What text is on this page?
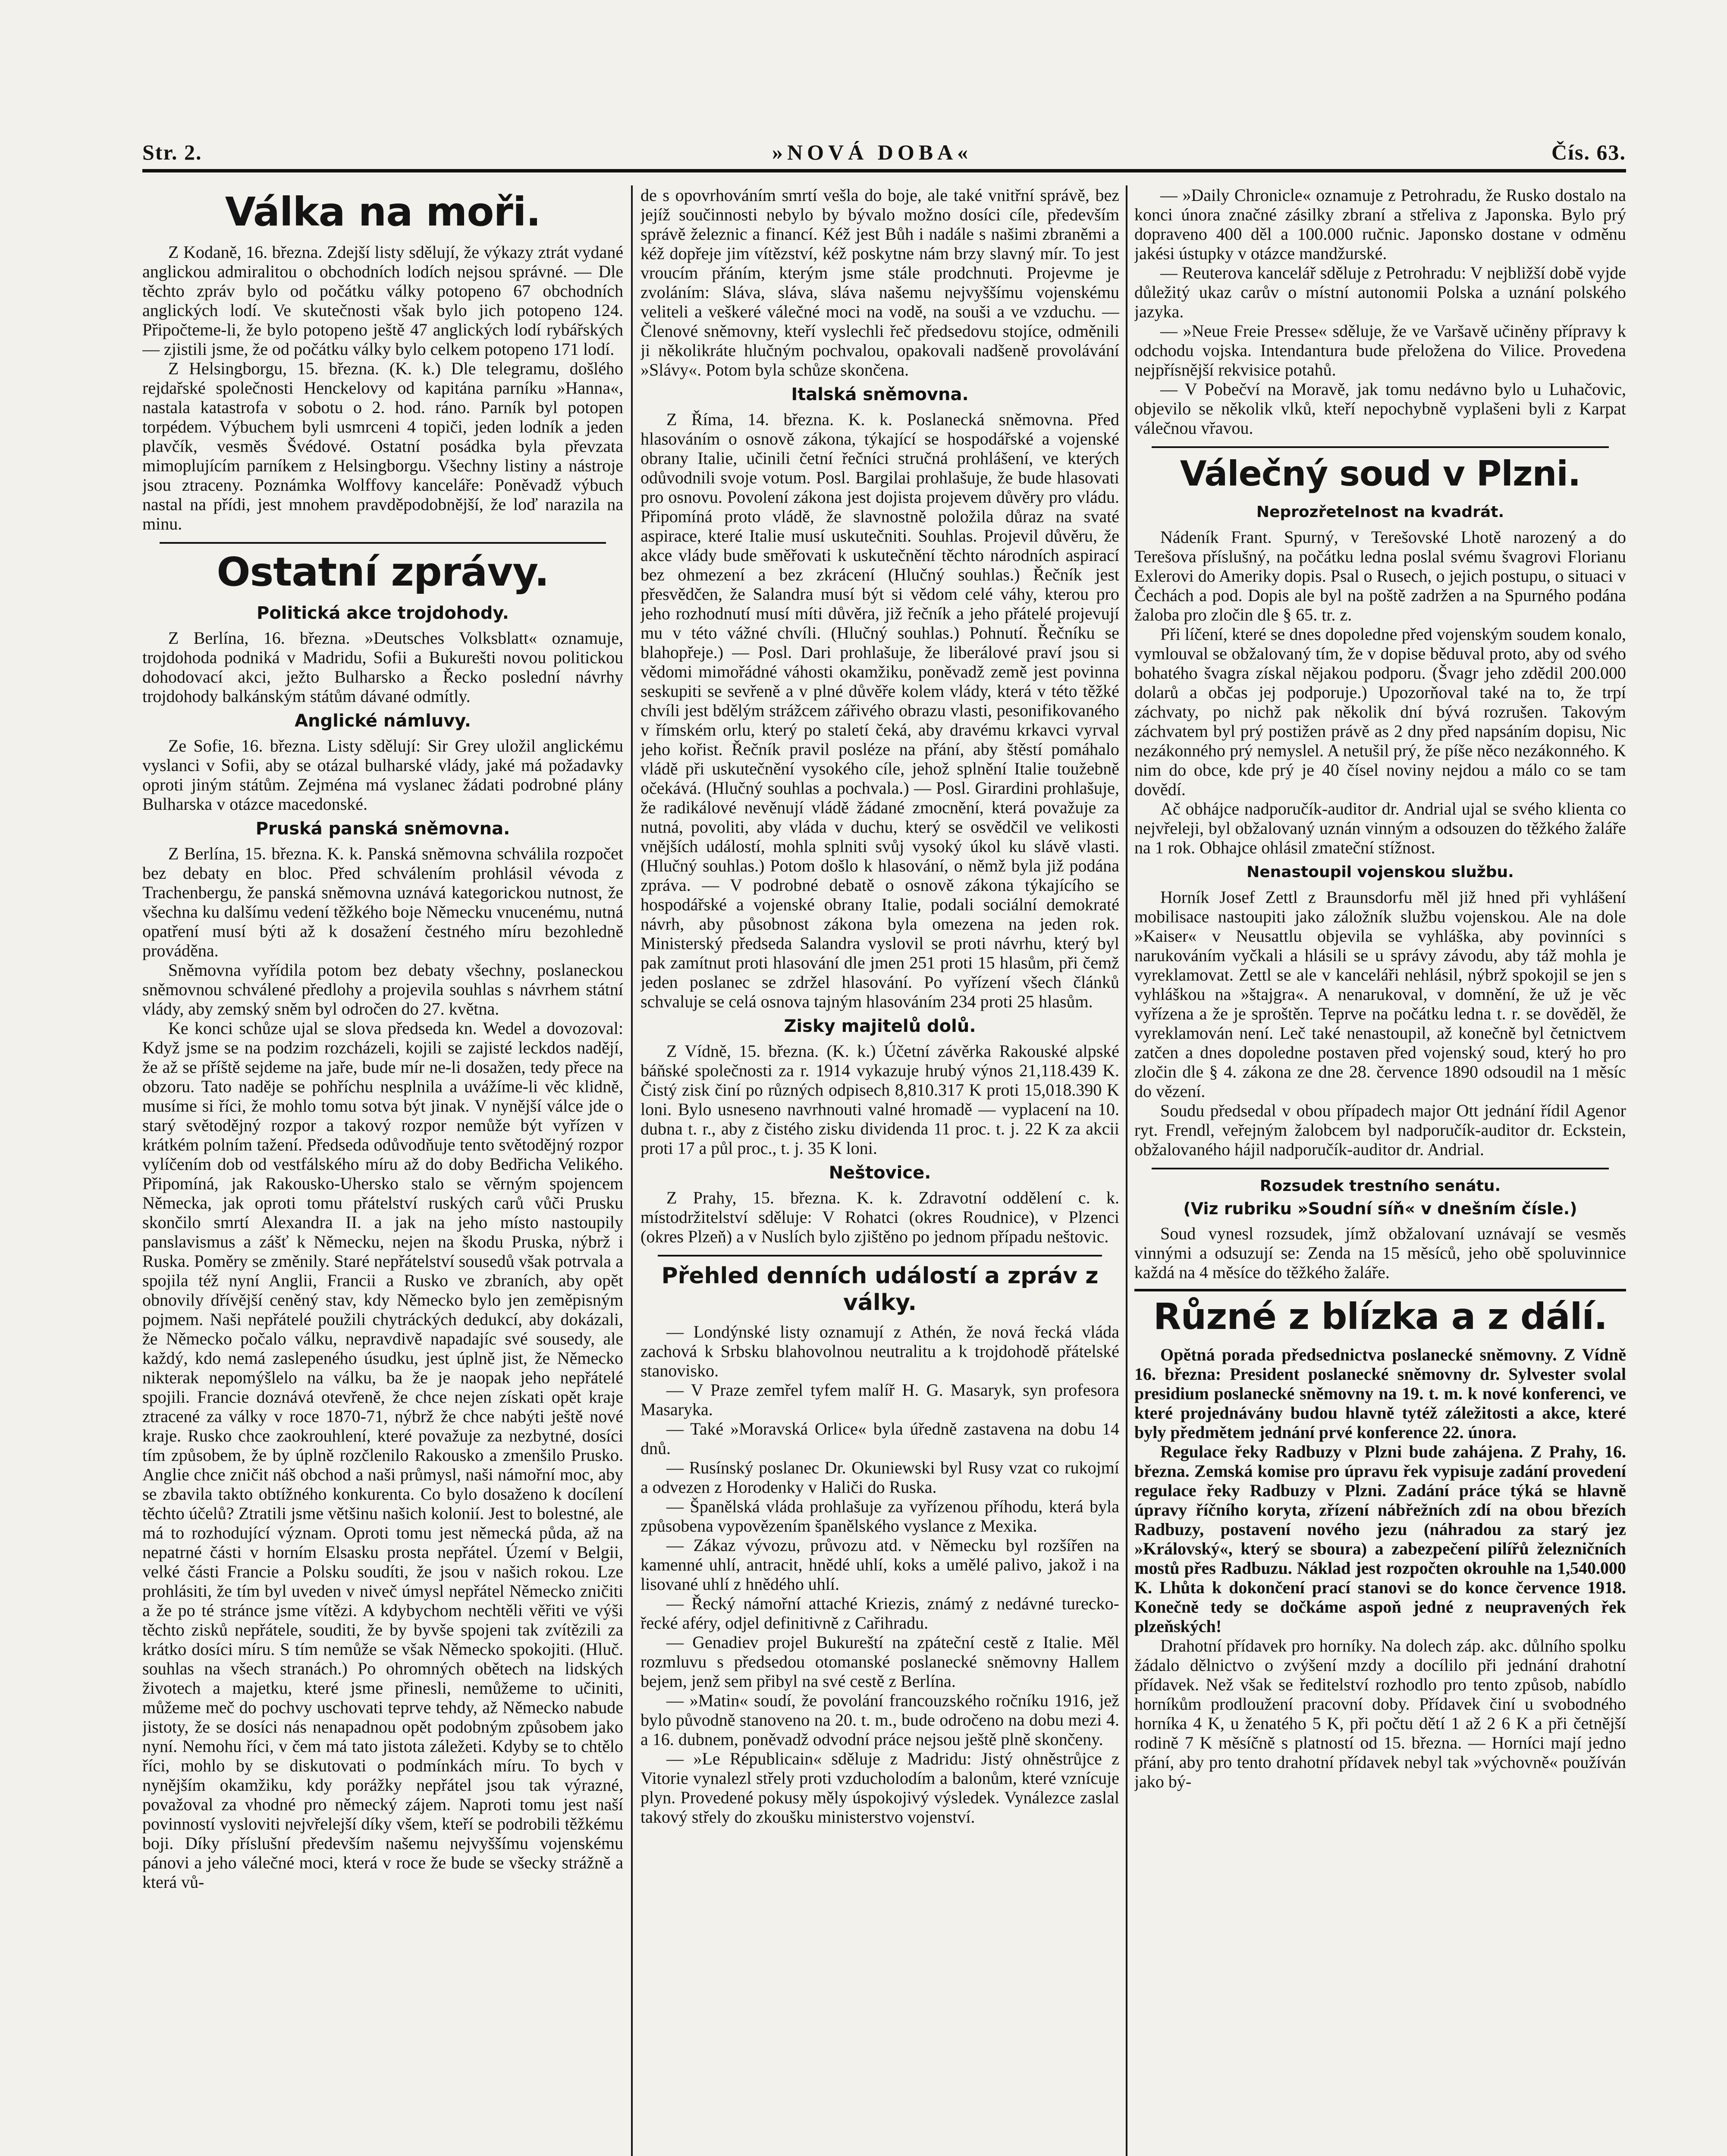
Str. 2.	»NOVÁ DOBA«	Čís. 63.
Válka na moři.

Z Kodaně, 16. března. Zdejší listy sdělují, že výkazy ztrát vydané anglickou admiralitou o obchodních lodích nejsou správné. — Dle těchto zpráv bylo od počátku války potopeno 67 obchodních anglických lodí. Ve skutečnosti však bylo jich potopeno 124. Připočteme-li, že bylo potopeno ještě 47 anglických lodí rybářských — zjistili jsme, že od počátku války bylo celkem potopeno 171 lodí.

Z Helsingborgu, 15. března. (K. k.) Dle telegramu, došlého rejdařské společnosti Henckelovy od kapitána parníku »Hanna«, nastala katastrofa v sobotu o 2. hod. ráno. Parník byl potopen torpédem. Výbuchem byli usmrceni 4 topiči, jeden lodník a jeden plavčík, vesměs Švédové. Ostatní posádka byla převzata mimoplujícím parníkem z Helsingborgu. Všechny listiny a nástroje jsou ztraceny. Poznámka Wolffovy kanceláře: Poněvadž výbuch nastal na přídi, jest mnohem pravděpodobnější, že loď narazila na minu.

Ostatní zprávy.
Politická akce trojdohody.

Z Berlína, 16. března. »Deutsches Volksblatt« oznamuje, trojdohoda podniká v Madridu, Sofii a Bukurešti novou politickou dohodovací akci, ježto Bulharsko a Řecko poslední návrhy trojdohody balkánským státům dávané odmítly.

Anglické námluvy.

Ze Sofie, 16. března. Listy sdělují: Sir Grey uložil anglickému vyslanci v Sofii, aby se otázal bulharské vlády, jaké má požadavky oproti jiným státům. Zejména má vyslanec žádati podrobné plány Bulharska v otázce macedonské.

Pruská panská sněmovna.

Z Berlína, 15. března. K. k. Panská sněmovna schválila rozpočet bez debaty en bloc. Před schválením prohlásil vévoda z Trachenbergu, že panská sněmovna uznává kategorickou nutnost, že všechna ku dalšímu vedení těžkého boje Německu vnucenému, nutná opatření musí býti až k dosažení čestného míru bezohledně prováděna.

Sněmovna vyřídila potom bez debaty všechny, poslaneckou sněmovnou schválené předlohy a projevila souhlas s návrhem státní vlády, aby zemský sněm byl odročen do 27. května.

Ke konci schůze ujal se slova předseda kn. Wedel a dovozoval: Když jsme se na podzim rozcházeli, kojili se zajisté leckdos nadějí, že až se příště sejdeme na jaře, bude mír ne-li dosažen, tedy přece na obzoru. Tato naděje se pohříchu nesplnila a uvážíme-li věc klidně, musíme si říci, že mohlo tomu sotva být jinak. V nynější válce jde o starý světodějný rozpor a takový rozpor nemůže být vyřízen v krátkém polním tažení. Předseda odůvodňuje tento světodějný rozpor vylíčením dob od vestfálského míru až do doby Bedřicha Velikého. Připomíná, jak Rakousko-Uhersko stalo se věrným spojencem Německa, jak oproti tomu přátelství ruských carů vůči Prusku skončilo smrtí Alexandra II. a jak na jeho místo nastoupily panslavismus a zášť k Německu, nejen na škodu Pruska, nýbrž i Ruska. Poměry se změnily. Staré nepřátelství sousedů však potrvala a spojila též nyní Anglii, Francii a Rusko ve zbraních, aby opět obnovily dřívější ceněný stav, kdy Německo bylo jen zeměpisným pojmem. Naši nepřátelé použili chytráckých dedukcí, aby dokázali, že Německo počalo válku, nepravdivě napadajíc své sousedy, ale každý, kdo nemá zaslepeného úsudku, jest úplně jist, že Německo nikterak nepomýšlelo na válku, ba že je naopak jeho nepřátelé spojili. Francie doznává otevřeně, že chce nejen získati opět kraje ztracené za války v roce 1870-71, nýbrž že chce nabýti ještě nové kraje. Rusko chce zaokrouhlení, které považuje za nezbytné, dosíci tím způsobem, že by úplně rozčlenilo Rakousko a zmenšilo Prusko. Anglie chce zničit náš obchod a naši průmysl, naši námořní moc, aby se zbavila takto obtížného konkurenta. Co bylo dosaženo k docílení těchto účelů? Ztratili jsme většinu našich kolonií. Jest to bolestné, ale má to rozhodující význam. Oproti tomu jest německá půda, až na nepatrné části v horním Elsasku prosta nepřátel. Území v Belgii, velké části Francie a Polsku soudíti, že jsou v našich rokou. Lze prohlásiti, že tím byl uveden v niveč úmysl nepřátel Německo zničiti a že po té stránce jsme vítězi. A kdybychom nechtěli věřiti ve výši těchto zisků nepřátele, souditi, že by byvše spojeni tak zvítězili za krátko dosíci míru. S tím nemůže se však Německo spokojiti. (Hluč. souhlas na všech stranách.) Po ohromných obětech na lidských životech a majetku, které jsme přinesli, nemůžeme to učiniti, můžeme meč do pochvy uschovati teprve tehdy, až Německo nabude jistoty, že se dosíci nás nenapadnou opět podobným způsobem jako nyní. Nemohu říci, v čem má tato jistota záležeti. Kdyby se to chtělo říci, mohlo by se diskutovati o podmínkách míru. To bych v nynějším okamžiku, kdy porážky nepřátel jsou tak výrazné, považoval za vhodné pro německý zájem. Naproti tomu jest naší povinností vysloviti nejvřelejší díky všem, kteří se podrobili těžkému boji. Díky příslušní především našemu nejvyššímu vojenskému pánovi a jeho válečné moci, která v roce že bude se všecky strážně a která vů-

de s opovrhováním smrtí vešla do boje, ale také vnitřní správě, bez jejíž součinnosti nebylo by bývalo možno dosíci cíle, především správě železnic a financí. Kéž jest Bůh i nadále s našimi zbraněmi a kéž dopřeje jim vítězství, kéž poskytne nám brzy slavný mír. To jest vroucím přáním, kterým jsme stále prodchnuti. Projevme je zvoláním: Sláva, sláva, sláva našemu nejvyššímu vojenskému veliteli a veškeré válečné moci na vodě, na souši a ve vzduchu. — Členové sněmovny, kteří vyslechli řeč předsedovu stojíce, odměnili ji několikráte hlučným pochvalou, opakovali nadšeně provolávání »Slávy«. Potom byla schůze skončena.

Italská sněmovna.

Z Říma, 14. března. K. k. Poslanecká sněmovna. Před hlasováním o osnově zákona, týkající se hospodářské a vojenské obrany Italie, učinili četní řečníci stručná prohlášení, ve kterých odůvodnili svoje votum. Posl. Bargilai prohlašuje, že bude hlasovati pro osnovu. Povolení zákona jest dojista projevem důvěry pro vládu. Připomíná proto vládě, že slavnostně položila důraz na svaté aspirace, které Italie musí uskutečniti. Souhlas. Projevil důvěru, že akce vlády bude směřovati k uskutečnění těchto národních aspirací bez ohmezení a bez zkrácení (Hlučný souhlas.) Řečník jest přesvědčen, že Salandra musí být si vědom celé váhy, kterou pro jeho rozhodnutí musí míti důvěra, již řečník a jeho přátelé projevují mu v této vážné chvíli. (Hlučný souhlas.) Pohnutí. Řečníku se blahopřeje.) — Posl. Dari prohlašuje, že liberálové praví jsou si vědomi mimořádné váhosti okamžiku, poněvadž země jest povinna seskupiti se sevřeně a v plné důvěře kolem vlády, která v této těžké chvíli jest bdělým strážcem zářivého obrazu vlasti, pesonifikovaného v římském orlu, který po staletí čeká, aby dravému krkavci vyrval jeho kořist. Řečník pravil posléze na přání, aby štěstí pomáhalo vládě při uskutečnění vysokého cíle, jehož splnění Italie toužebně očekává. (Hlučný souhlas a pochvala.) — Posl. Girardini prohlašuje, že radikálové nevěnují vládě žádané zmocnění, která považuje za nutná, povoliti, aby vláda v duchu, který se osvědčil ve velikosti vnějších událostí, mohla splniti svůj vysoký úkol ku slávě vlasti. (Hlučný souhlas.) Potom došlo k hlasování, o němž byla již podána zpráva. — V podrobné debatě o osnově zákona týkajícího se hospodářské a vojenské obrany Italie, podali sociální demokraté návrh, aby působnost zákona byla omezena na jeden rok. Ministerský předseda Salandra vyslovil se proti návrhu, který byl pak zamítnut proti hlasování dle jmen 251 proti 15 hlasům, při čemž jeden poslanec se zdržel hlasování. Po vyřízení všech článků schvaluje se celá osnova tajným hlasováním 234 proti 25 hlasům.

Zisky majitelů dolů.

Z Vídně, 15. března. (K. k.) Účetní závěrka Rakouské alpské báňské společnosti za r. 1914 vykazuje hrubý výnos 21,118.439 K. Čistý zisk činí po různých odpisech 8,810.317 K proti 15,018.390 K loni. Bylo usneseno navrhnouti valné hromadě — vyplacení na 10. dubna t. r., aby z čistého zisku dividenda 11 proc. t. j. 22 K za akcii proti 17 a půl proc., t. j. 35 K loni.

Neštovice.

Z Prahy, 15. března. K. k. Zdravotní oddělení c. k. místodržitelství sděluje: V Rohatci (okres Roudnice), v Plzenci (okres Plzeň) a v Nuslích bylo zjištěno po jednom případu neštovic.

Přehled denních událostí a zpráv z války.

— Londýnské listy oznamují z Athén, že nová řecká vláda zachová k Srbsku blahovolnou neutralitu a k trojdohodě přátelské stanovisko.

— V Praze zemřel tyfem malíř H. G. Masaryk, syn profesora Masaryka.

— Také »Moravská Orlice« byla úředně zastavena na dobu 14 dnů.

— Rusínský poslanec Dr. Okuniewski byl Rusy vzat co rukojmí a odvezen z Horodenky v Haliči do Ruska.

— Španělská vláda prohlašuje za vyřízenou příhodu, která byla způsobena vypovězením španělského vyslance z Mexika.

— Zákaz vývozu, průvozu atd. v Německu byl rozšířen na kamenné uhlí, antracit, hnědé uhlí, koks a umělé palivo, jakož i na lisované uhlí z hnědého uhlí.

— Řecký námořní attaché Kriezis, známý z nedávné turecko-řecké aféry, odjel definitivně z Cařihradu.

— Genadiev projel Bukureští na zpáteční cestě z Italie. Měl rozmluvu s předsedou otomanské poslanecké sněmovny Hallem bejem, jenž sem přibyl na své cestě z Berlína.

— »Matin« soudí, že povolání francouzského ročníku 1916, jež bylo původně stanoveno na 20. t. m., bude odročeno na dobu mezi 4. a 16. dubnem, poněvadž odvodní práce nejsou ještě plně skončeny.

— »Le Républicain« sděluje z Madridu: Jistý ohněstrůjce z Vitorie vynalezl střely proti vzducholodím a balonům, které vznícuje plyn. Provedené pokusy měly úspokojivý výsledek. Vynálezce zaslal takový střely do zkoušku ministerstvo vojenství.

— »Daily Chronicle« oznamuje z Petrohradu, že Rusko dostalo na konci února značné zásilky zbraní a střeliva z Japonska. Bylo prý dopraveno 400 děl a 100.000 ručnic. Japonsko dostane v odměnu jakési ústupky v otázce mandžurské.

— Reuterova kancelář sděluje z Petrohradu: V nejbližší době vyjde důležitý ukaz carův o místní autonomii Polska a uznání polského jazyka.

— »Neue Freie Presse« sděluje, že ve Varšavě učiněny přípravy k odchodu vojska. Intendantura bude přeložena do Vilice. Provedena nejpřísnější rekvisice potahů.

— V Pobečví na Moravě, jak tomu nedávno bylo u Luhačovic, objevilo se několik vlků, kteří nepochybně vyplašeni byli z Karpat válečnou vřavou.

Válečný soud v Plzni.
Neprozřetelnost na kvadrát.

Nádeník Frant. Spurný, v Terešovské Lhotě narozený a do Terešova příslušný, na počátku ledna poslal svému švagrovi Florianu Exlerovi do Ameriky dopis. Psal o Rusech, o jejich postupu, o situaci v Čechách a pod. Dopis ale byl na poště zadržen a na Spurného podána žaloba pro zločin dle § 65. tr. z.

Při líčení, které se dnes dopoledne před vojenským soudem konalo, vymlouval se obžalovaný tím, že v dopise běduval proto, aby od svého bohatého švagra získal nějakou podporu. (Švagr jeho zdědil 200.000 dolarů a občas jej podporuje.) Upozorňoval také na to, že trpí záchvaty, po nichž pak několik dní bývá rozrušen. Takovým záchvatem byl prý postižen právě as 2 dny před napsáním dopisu, Nic nezákonného prý nemyslel. A netušil prý, že píše něco nezákonného. K nim do obce, kde prý je 40 čísel noviny nejdou a málo co se tam dovědí.

Ač obhájce nadporučík-auditor dr. Andrial ujal se svého klienta co nejvřeleji, byl obžalovaný uznán vinným a odsouzen do těžkého žaláře na 1 rok. Obhajce ohlásil zmateční stížnost.

Nenastoupil vojenskou službu.

Horník Josef Zettl z Braunsdorfu měl již hned při vyhlášení mobilisace nastoupiti jako záložník službu vojenskou. Ale na dole »Kaiser« v Neusattlu objevila se vyhláška, aby povinníci s narukováním vyčkali a hlásili se u správy závodu, aby táž mohla je vyreklamovat. Zettl se ale v kanceláři nehlásil, nýbrž spokojil se jen s vyhláškou na »štajgra«. A nenarukoval, v domnění, že už je věc vyřízena a že je sproštěn. Teprve na počátku ledna t. r. se dověděl, že vyreklamován není. Leč také nenastoupil, až konečně byl četnictvem zatčen a dnes dopoledne postaven před vojenský soud, který ho pro zločin dle § 4. zákona ze dne 28. července 1890 odsoudil na 1 měsíc do vězení.

Soudu předsedal v obou případech major Ott jednání řídil Agenor ryt. Frendl, veřejným žalobcem byl nadporučík-auditor dr. Eckstein, obžalovaného hájil nadporučík-auditor dr. Andrial.

Rozsudek trestního senátu.
(Viz rubriku »Soudní síň« v dnešním čísle.)

Soud vynesl rozsudek, jímž obžalovaní uznávají se vesměs vinnými a odsuzují se: Zenda na 15 měsíců, jeho obě spoluvinnice každá na 4 měsíce do těžkého žaláře.

Různé z blízka a z dálí.

Opětná porada předsednictva poslanecké sněmovny. Z Vídně 16. března: President poslanecké sněmovny dr. Sylvester svolal presidium poslanecké sněmovny na 19. t. m. k nové konferenci, ve které projednávány budou hlavně tytéž záležitosti a akce, které byly předmětem jednání prvé konference 22. února.

Regulace řeky Radbuzy v Plzni bude zahájena. Z Prahy, 16. března. Zemská komise pro úpravu řek vypisuje zadání provedení regulace řeky Radbuzy v Plzni. Zadání práce týká se hlavně úpravy říčního koryta, zřízení nábřežních zdí na obou březích Radbuzy, postavení nového jezu (náhradou za starý jez »Královský«, který se sboura) a zabezpečení pilířů železničních mostů přes Radbuzu. Náklad jest rozpočten okrouhle na 1,540.000 K. Lhůta k dokončení prací stanovi se do konce července 1918. Konečně tedy se dočkáme aspoň jedné z neupravených řek plzeňských!

Drahotní přídavek pro horníky. Na dolech záp. akc. důlního spolku žádalo dělnictvo o zvýšení mzdy a docílilo při jednání drahotní přídavek. Než však se ředitelství rozhodlo pro tento způsob, nabídlo horníkům prodloužení pracovní doby. Přídavek činí u svobodného horníka 4 K, u ženatého 5 K, při počtu dětí 1 až 2 6 K a při četnější rodině 7 K měsíčně s platností od 15. března. — Horníci mají jedno přání, aby pro tento drahotní přídavek nebyl tak »výchovně« používán jako bý-
